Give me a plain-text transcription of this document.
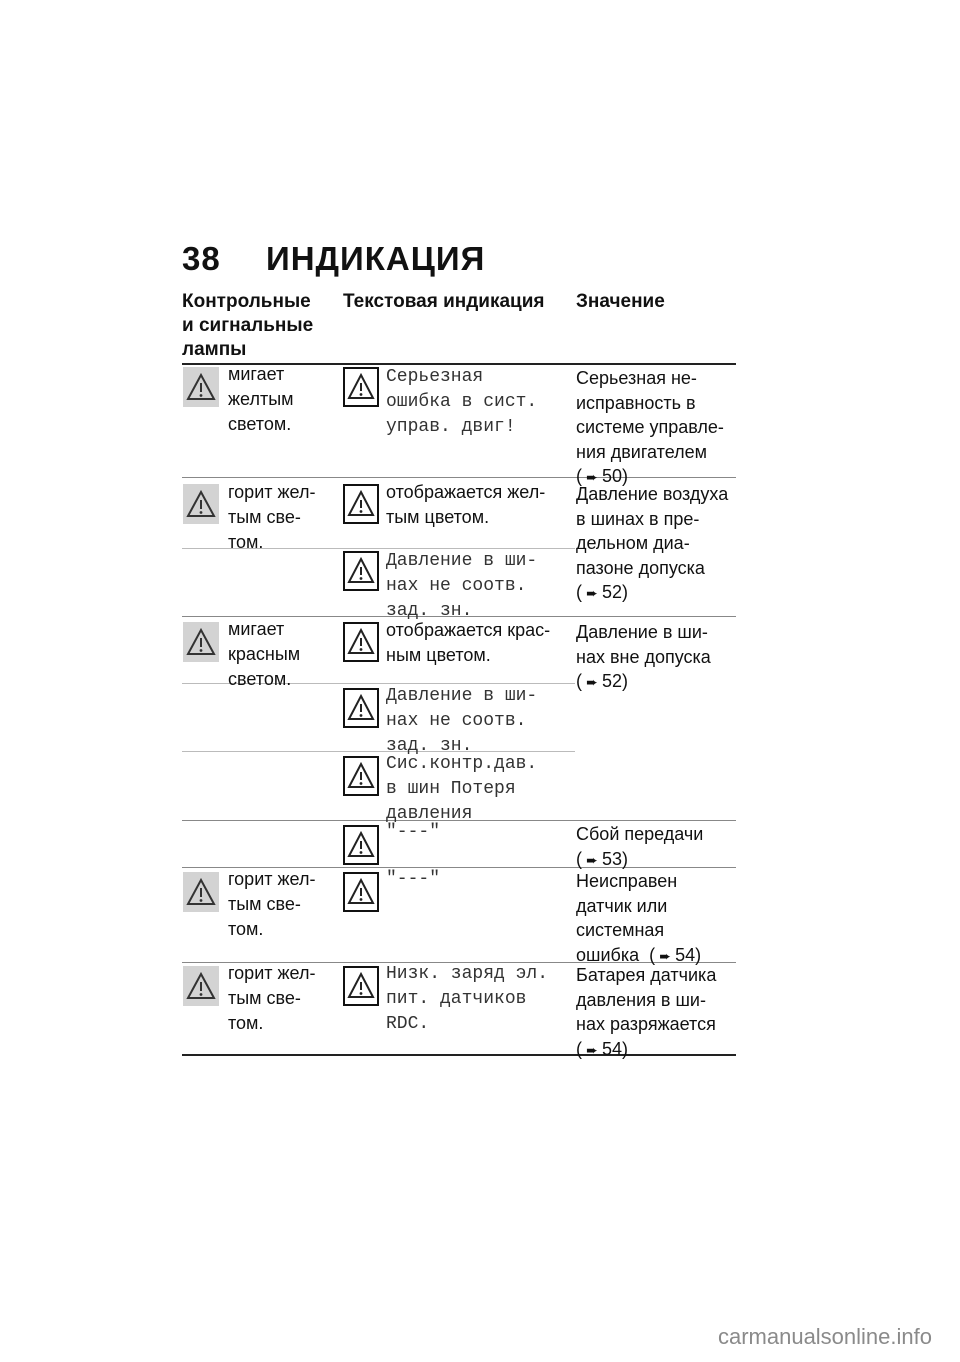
38 ИНДИКАЦИЯ
Контрольные
и сигнальные
лампы
Текстовая индикация Значение
мигает
желтым
светом.
Серьезная
ошибка в сист.
управ. двиг!
Серьезная не-
исправность в
системе управле-
ния двигателем
( ➨ 50)
горит жел-
тым све-
том.
отображается жел-
тым цветом.
Давление в ши-
нах не соотв.
зад. зн.
Давление воздуха
в шинах в пре-
дельном диа-
пазоне допуска
( ➨ 52)
мигает
красным
светом.
отображается крас-
ным цветом.
Давление в ши-
нах не соотв.
зад. зн.
Сис.контр.дав.
в шин Потеря
давления
Давление в ши-
нах вне допуска
( ➨ 52)
"---"	Сбой передачи
( ➨ 53)
горит жел-
тым све-
том.
"---"	Неисправен
датчик или
системная
ошибка  ( ➨ 54)
горит жел-
тым све-
том.
Низк. заряд эл.
пит. датчиков
RDC.
Батарея датчика
давления в ши-
нах разряжается
( ➨ 54)
carmanualsonline.info
